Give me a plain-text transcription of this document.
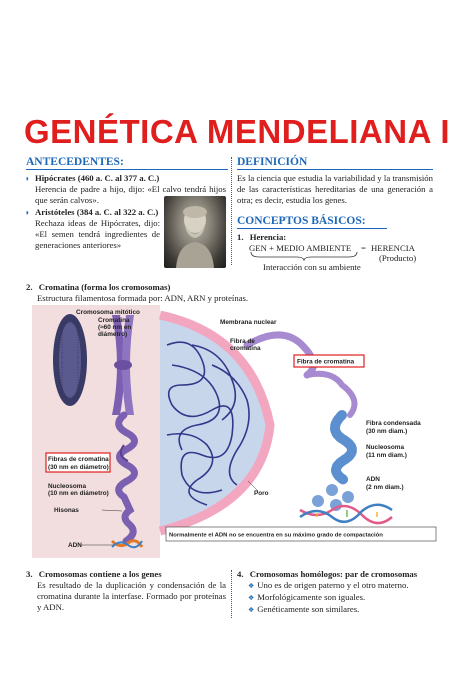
GENÉTICA MENDELIANA I
ANTECEDENTES:
◗ Hipócrates (460 a. C. al 377 a. C.)
Herencia de padre a hijo, dijo: «El calvo tendrá hijos que serán calvos».
◗ Aristóteles (384 a. C. al 322 a. C.)
Rechaza ideas de Hipócrates, dijo: «El semen tendrá ingredientes de generaciones anteriores»
DEFINICIÓN
Es la ciencia que estudia la variabilidad y la transmisión de las características hereditarias de una generación a otra; es decir, estudia los genes.
CONCEPTOS BÁSICOS:
1. Herencia:
GEN + MEDIO AMBIENTE = HERENCIA
(Producto)
Interacción con su ambiente
2. Cromatina (forma los cromosomas)
Estructura filamentosa formada por: ADN, ARN y proteínas.
Cromosoma mitótico
Cromatina
(≈60 nm en
diámetro)
Fibras de cromatina
(30 nm en diámetro)
Nucleosoma
(10 nm en diámetro)
Hisonas
ADN
Membrana nuclear
Fibra de
cromatina
Fibra de cromatina
Fibra condensada
(30 nm diam.)
Nucleosoma
(11 nm diam.)
ADN
(2 nm diam.)
Poro
Normalmente el ADN no se encuentra en su máximo grado de compactación
3. Cromosomas contiene a los genes
Es resultado de la duplicación y condensación de la cromatina durante la interfase. Formado por proteínas y ADN.
4. Cromosomas homólogos: par de cromosomas
❖ Uno es de origen paterno y el otro materno.
❖ Morfológicamente son iguales.
❖ Genéticamente son similares.
